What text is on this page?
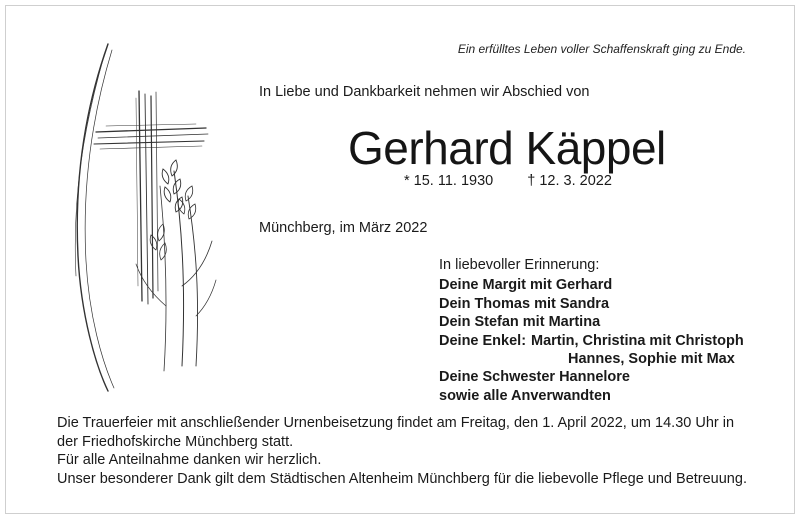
Ein erfülltes Leben voller Schaffenskraft ging zu Ende.
In Liebe und Dankbarkeit nehmen wir Abschied von
Gerhard Käppel
* 15. 11. 1930 † 12. 3. 2022
Münchberg, im März 2022
In liebevoller Erinnerung:
Deine Margit mit Gerhard
Dein Thomas mit Sandra
Dein Stefan mit Martina
Deine Enkel: Martin, Christina mit Christoph
Hannes, Sophie mit Max
Deine Schwester Hannelore
sowie alle Anverwandten
Die Trauerfeier mit anschließender Urnenbeisetzung findet am Freitag, den 1. April 2022, um 14.30 Uhr in
der Friedhofskirche Münchberg statt.
Für alle Anteilnahme danken wir herzlich.
Unser besonderer Dank gilt dem Städtischen Altenheim Münchberg für die liebevolle Pflege und Betreuung.
